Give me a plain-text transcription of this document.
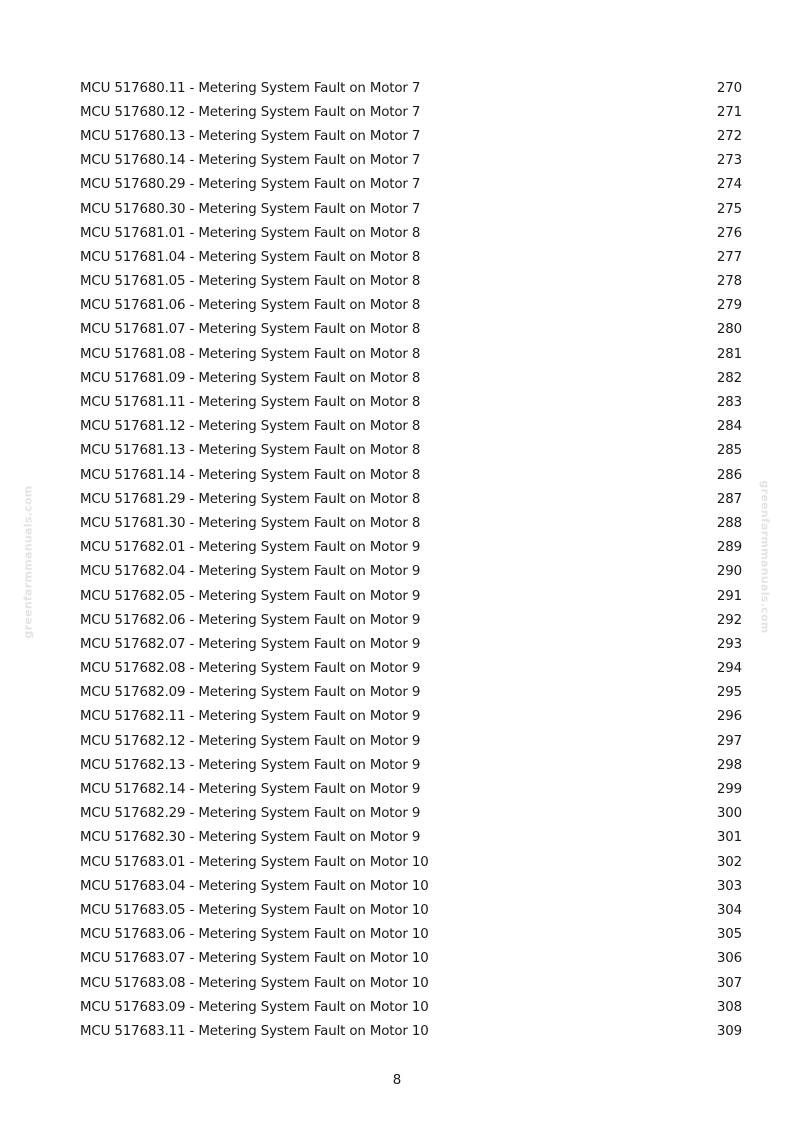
greenfarmmanuals.com	greenfarmmanuals.com
MCU 517680.11 - Metering System Fault on Motor 7	270
MCU 517680.12 - Metering System Fault on Motor 7	271
MCU 517680.13 - Metering System Fault on Motor 7	272
MCU 517680.14 - Metering System Fault on Motor 7	273
MCU 517680.29 - Metering System Fault on Motor 7	274
MCU 517680.30 - Metering System Fault on Motor 7	275
MCU 517681.01 - Metering System Fault on Motor 8	276
MCU 517681.04 - Metering System Fault on Motor 8	277
MCU 517681.05 - Metering System Fault on Motor 8	278
MCU 517681.06 - Metering System Fault on Motor 8	279
MCU 517681.07 - Metering System Fault on Motor 8	280
MCU 517681.08 - Metering System Fault on Motor 8	281
MCU 517681.09 - Metering System Fault on Motor 8	282
MCU 517681.11 - Metering System Fault on Motor 8	283
MCU 517681.12 - Metering System Fault on Motor 8	284
MCU 517681.13 - Metering System Fault on Motor 8	285
MCU 517681.14 - Metering System Fault on Motor 8	286
MCU 517681.29 - Metering System Fault on Motor 8	287
MCU 517681.30 - Metering System Fault on Motor 8	288
MCU 517682.01 - Metering System Fault on Motor 9	289
MCU 517682.04 - Metering System Fault on Motor 9	290
MCU 517682.05 - Metering System Fault on Motor 9	291
MCU 517682.06 - Metering System Fault on Motor 9	292
MCU 517682.07 - Metering System Fault on Motor 9	293
MCU 517682.08 - Metering System Fault on Motor 9	294
MCU 517682.09 - Metering System Fault on Motor 9	295
MCU 517682.11 - Metering System Fault on Motor 9	296
MCU 517682.12 - Metering System Fault on Motor 9	297
MCU 517682.13 - Metering System Fault on Motor 9	298
MCU 517682.14 - Metering System Fault on Motor 9	299
MCU 517682.29 - Metering System Fault on Motor 9	300
MCU 517682.30 - Metering System Fault on Motor 9	301
MCU 517683.01 - Metering System Fault on Motor 10	302
MCU 517683.04 - Metering System Fault on Motor 10	303
MCU 517683.05 - Metering System Fault on Motor 10	304
MCU 517683.06 - Metering System Fault on Motor 10	305
MCU 517683.07 - Metering System Fault on Motor 10	306
MCU 517683.08 - Metering System Fault on Motor 10	307
MCU 517683.09 - Metering System Fault on Motor 10	308
MCU 517683.11 - Metering System Fault on Motor 10	309
8
